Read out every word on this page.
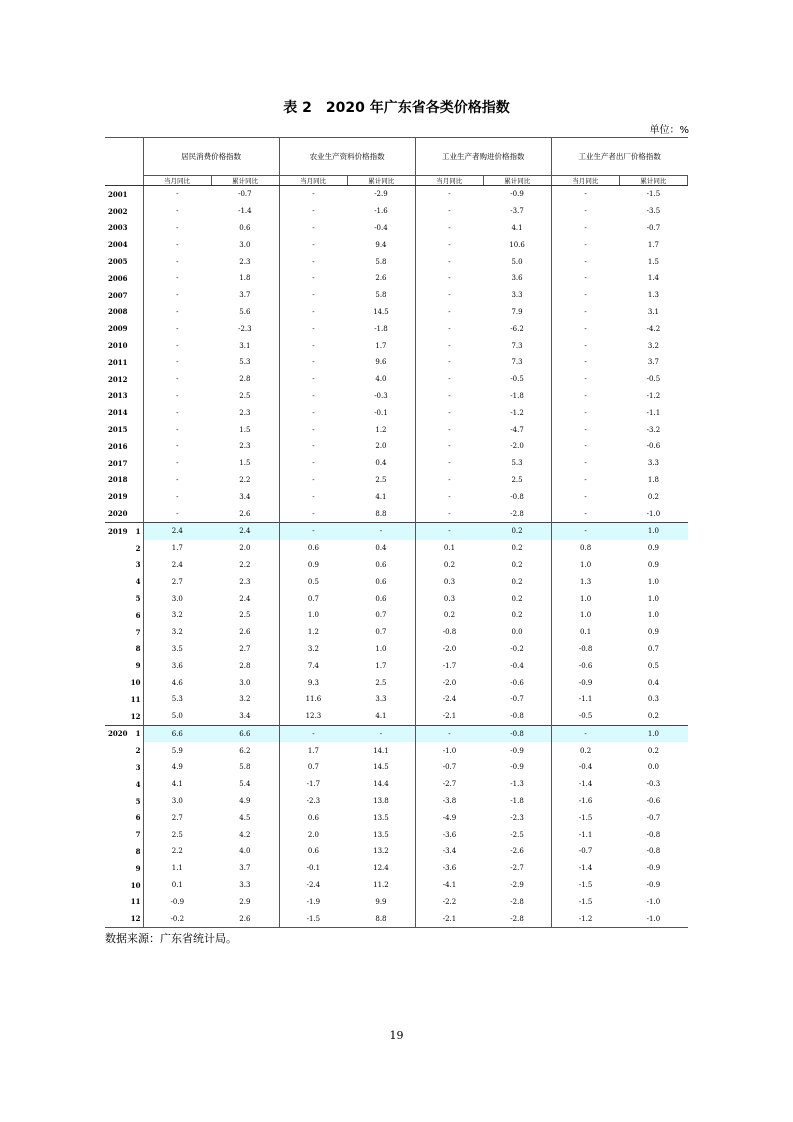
表 2　2020 年广东省各类价格指数
单位：%
	居民消费价格指数		农业生产资料价格指数		工业生产者购进价格指数		工业生产者出厂价格指数	
	当月同比	累计同比	当月同比	累计同比	当月同比	累计同比	当月同比	累计同比

2001	-	-0.7	-	-2.9	-	-0.9	-	-1.5

2002	-	-1.4	-	-1.6	-	-3.7	-	-3.5

2003	-	0.6	-	-0.4	-	4.1	-	-0.7

2004	-	3.0	-	9.4	-	10.6	-	1.7

2005	-	2.3	-	5.8	-	5.0	-	1.5

2006	-	1.8	-	2.6	-	3.6	-	1.4

2007	-	3.7	-	5.8	-	3.3	-	1.3

2008	-	5.6	-	14.5	-	7.9	-	3.1

2009	-	-2.3	-	-1.8	-	-6.2	-	-4.2

2010	-	3.1	-	1.7	-	7.3	-	3.2

2011	-	5.3	-	9.6	-	7.3	-	3.7

2012	-	2.8	-	4.0	-	-0.5	-	-0.5

2013	-	2.5	-	-0.3	-	-1.8	-	-1.2

2014	-	2.3	-	-0.1	-	-1.2	-	-1.1

2015	-	1.5	-	1.2	-	-4.7	-	-3.2

2016	-	2.3	-	2.0	-	-2.0	-	-0.6

2017	-	1.5	-	0.4	-	5.3	-	3.3

2018	-	2.2	-	2.5	-	2.5	-	1.8

2019	-	3.4	-	4.1	-	-0.8	-	0.2

2020	-	2.6	-	8.8	-	-2.8	-	-1.0

2019 1	2.4	2.4	-	-	-	0.2	-	1.0

2	1.7	2.0	0.6	0.4	0.1	0.2	0.8	0.9

3	2.4	2.2	0.9	0.6	0.2	0.2	1.0	0.9

4	2.7	2.3	0.5	0.6	0.3	0.2	1.3	1.0

5	3.0	2.4	0.7	0.6	0.3	0.2	1.0	1.0

6	3.2	2.5	1.0	0.7	0.2	0.2	1.0	1.0

7	3.2	2.6	1.2	0.7	-0.8	0.0	0.1	0.9

8	3.5	2.7	3.2	1.0	-2.0	-0.2	-0.8	0.7

9	3.6	2.8	7.4	1.7	-1.7	-0.4	-0.6	0.5

10	4.6	3.0	9.3	2.5	-2.0	-0.6	-0.9	0.4

11	5.3	3.2	11.6	3.3	-2.4	-0.7	-1.1	0.3

12	5.0	3.4	12.3	4.1	-2.1	-0.8	-0.5	0.2

2020 1	6.6	6.6	-	-	-	-0.8	-	1.0

2	5.9	6.2	1.7	14.1	-1.0	-0.9	0.2	0.2

3	4.9	5.8	0.7	14.5	-0.7	-0.9	-0.4	0.0

4	4.1	5.4	-1.7	14.4	-2.7	-1.3	-1.4	-0.3

5	3.0	4.9	-2.3	13.8	-3.8	-1.8	-1.6	-0.6

6	2.7	4.5	0.6	13.5	-4.9	-2.3	-1.5	-0.7

7	2.5	4.2	2.0	13.5	-3.6	-2.5	-1.1	-0.8

8	2.2	4.0	0.6	13.2	-3.4	-2.6	-0.7	-0.8

9	1.1	3.7	-0.1	12.4	-3.6	-2.7	-1.4	-0.9

10	0.1	3.3	-2.4	11.2	-4.1	-2.9	-1.5	-0.9

11	-0.9	2.9	-1.9	9.9	-2.2	-2.8	-1.5	-1.0

12	-0.2	2.6	-1.5	8.8	-2.1	-2.8	-1.2	-1.0
数据来源：广东省统计局。
19
